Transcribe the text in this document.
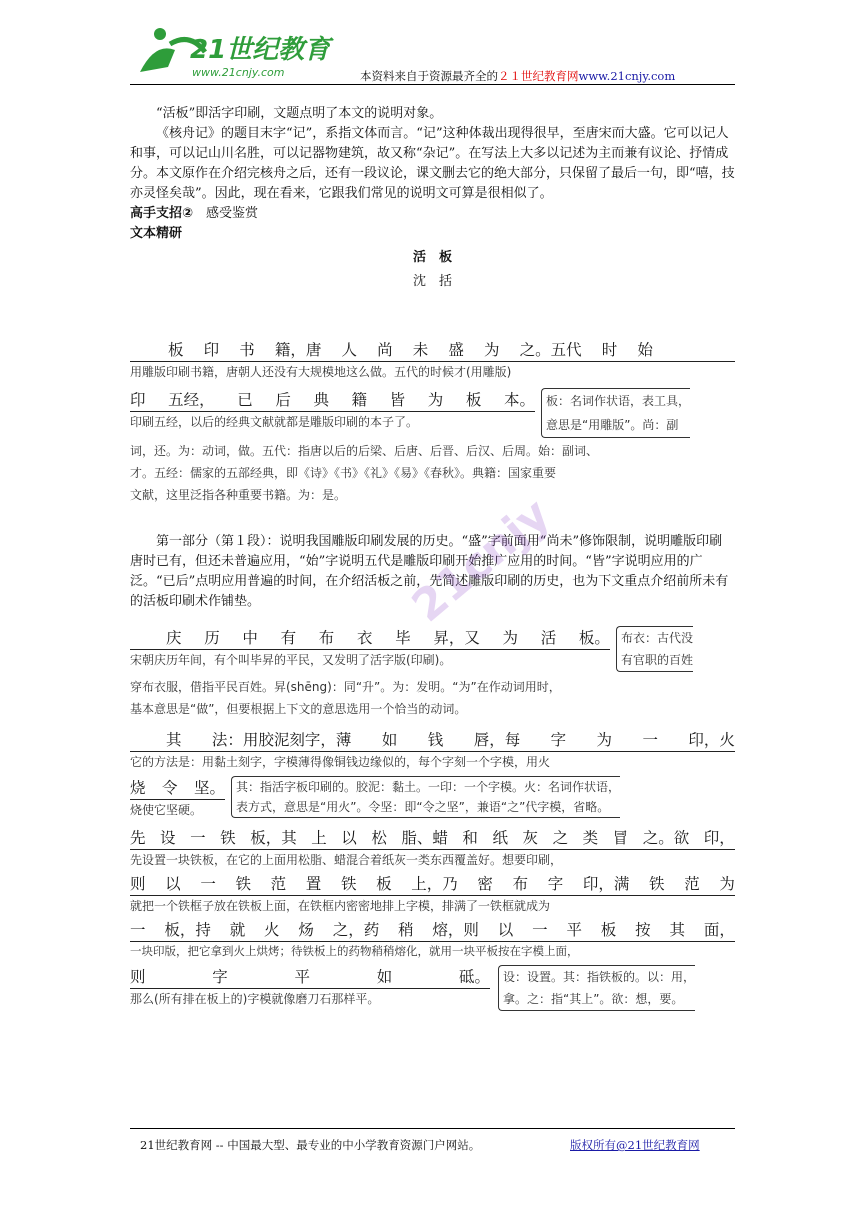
21世纪教育
www.21cnjy.com	本资料来自于资源最齐全的２１世纪教育网www.21cnjy.com

“活板”即活字印刷，文题点明了本文的说明对象。

《核舟记》的题目末字“记”，系指文体而言。“记”这种体裁出现得很早，至唐宋而大盛。它可以记人和事，可以记山川名胜，可以记器物建筑，故又称“杂记”。在写法上大多以记述为主而兼有议论、抒情成分。本文原作在介绍完核舟之后，还有一段议论，课文删去它的绝大部分，只保留了最后一句，即“嘻，技亦灵怪矣哉”。因此，现在看来，它跟我们常见的说明文可算是很相似了。

高手支招②　 感受鉴赏
文本精研
活　板
沈　括
板 印 书 籍，唐 人 尚 未 盛 为 之。五代 时 始
用雕版印刷书籍，唐朝人还没有大规模地这么做。五代的时候才(用雕版)
印 五经， 已 后 典 籍 皆 为 板 本。
印刷五经，以后的经典文献就都是雕版印刷的本子了。
板：名词作状语，表工具，
意思是“用雕版”。尚：副
词，还。为：动词，做。五代：指唐以后的后梁、后唐、后晋、后汉、后周。始：副词、
才。五经：儒家的五部经典，即《诗》《书》《礼》《易》《春秋》。典籍：国家重要
文献，这里泛指各种重要书籍。为：是。

第一部分（第１段）：说明我国雕版印刷发展的历史。“盛”字前面用“尚未”修饰限制，说明雕版印刷唐时已有，但还未普遍应用，“始”字说明五代是雕版印刷开始推广应用的时间。“皆”字说明应用的广泛。“已后”点明应用普遍的时间，在介绍活板之前，先简述雕版印刷的历史，也为下文重点介绍前所未有的活板印刷术作铺垫。

庆 历 中 有 布 衣 毕 昇，又 为 活 板。
宋朝庆历年间，有个叫毕昇的平民，又发明了活字版(印刷)。
布衣：古代没
有官职的百姓
穿布衣服，借指平民百姓。昇(shēng)：同“升”。为：发明。“为”在作动词用时，
基本意思是“做”，但要根据上下文的意思选用一个恰当的动词。
其 法：用胶泥刻字，薄 如 钱 唇，每 字 为 一 印，火
它的方法是：用黏土刻字，字模薄得像铜钱边缘似的，每个字刻一个字模，用火
烧 令 坚。
烧使它坚硬。
其：指活字板印刷的。胶泥：黏土。一印：一个字模。火：名词作状语，
表方式，意思是“用火”。令坚：即“令之坚”，兼语“之”代字模，省略。
先 设 一 铁 板，其 上 以 松 脂、蜡 和 纸 灰 之 类 冒 之。欲 印，
先设置一块铁板，在它的上面用松脂、蜡混合着纸灰一类东西覆盖好。想要印刷，
则 以 一 铁 范 置 铁 板 上，乃 密 布 字 印，满 铁 范 为
就把一个铁框子放在铁板上面，在铁框内密密地排上字模，排满了一铁框就成为
一 板，持 就 火 炀 之，药 稍 熔，则 以 一 平 板 按 其 面，
一块印版，把它拿到火上烘烤；待铁板上的药物稍稍熔化，就用一块平板按在字模上面，
则	字	平	如	砥。
那么(所有排在板上的)字模就像磨刀石那样平。
设：设置。其：指铁板的。以：用，
拿。之：指“其上”。欲：想，要。
21cnjy
21世纪教育网 -- 中国最大型、最专业的中小学教育资源门户网站。	版权所有@21世纪教育网
